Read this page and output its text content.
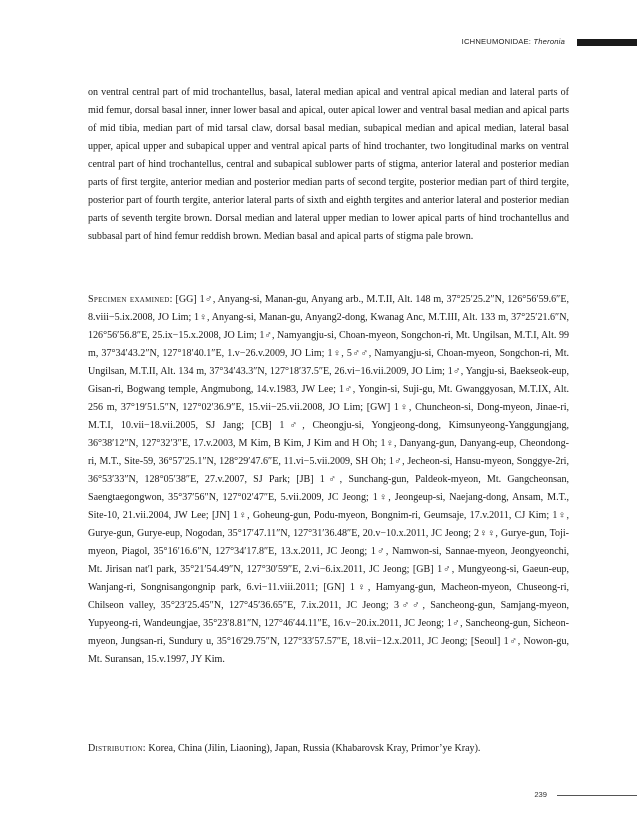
ICHNEUMONIDAE: Theronia
on ventral central part of mid trochantellus, basal, lateral median apical and ventral apical median and lateral parts of mid femur, dorsal basal inner, inner lower basal and apical, outer apical lower and ventral basal median and apical parts of mid tibia, median part of mid tarsal claw, dorsal basal median, subapical median and apical median, lateral basal upper, apical upper and subapical upper and ventral apical parts of hind trochanter, two longitudinal marks on ventral central part of hind trochantellus, central and subapical sublower parts of stigma, anterior lateral and posterior median parts of first tergite, anterior median and posterior median parts of second tergite, posterior median part of third tergite, posterior part of fourth tergite, anterior lateral parts of sixth and eighth tergites and anterior lateral and posterior median parts of seventh tergite brown. Dorsal median and lateral upper median to lower apical parts of hind trochantellus and subbasal part of hind femur reddish brown. Median basal and apical parts of stigma pale brown.
Specimen examined: [GG] 1♂, Anyang-si, Manan-gu, Anyang arb., M.T.II, Alt. 148 m, 37°25′25.2″N, 126°56′59.6″E, 8.viii−5.ix.2008, JO Lim; 1♀, Anyang-si, Manan-gu, Anyang2-dong, Kwanag Anc, M.T.III, Alt. 133 m, 37°25′21.6″N, 126°56′56.8″E, 25.ix−15.x.2008, JO Lim; 1♂, Namyangju-si, Choan-myeon, Songchon-ri, Mt. Ungilsan, M.T.I, Alt. 99 m, 37°34′43.2″N, 127°18′40.1″E, 1.v−26.v.2009, JO Lim; 1♀, 5♂♂, Namyangju-si, Choan-myeon, Songchon-ri, Mt. Ungilsan, M.T.II, Alt. 134 m, 37°34′43.3″N, 127°18′37.5″E, 26.vi−16.vii.2009, JO Lim; 1♂, Yangju-si, Baekseok-eup, Gisan-ri, Bogwang temple, Angmubong, 14.v.1983, JW Lee; 1♂, Yongin-si, Suji-gu, Mt. Gwanggyosan, M.T.IX, Alt. 256 m, 37°19′51.5″N, 127°02′36.9″E, 15.vii−25.vii.2008, JO Lim; [GW] 1♀, Chuncheon-si, Dong-myeon, Jinae-ri, M.T.I, 10.vii−18.vii.2005, SJ Jang; [CB] 1♂, Cheongju-si, Yongjeong-dong, Kimsunyeong-Yanggungjang, 36°38′12″N, 127°32′3″E, 17.v.2003, M Kim, B Kim, J Kim and H Oh; 1♀, Danyang-gun, Danyang-eup, Cheondong-ri, M.T., Site-59, 36°57′25.1″N, 128°29′47.6″E, 11.vi−5.vii.2009, SH Oh; 1♂, Jecheon-si, Hansu-myeon, Songgye-2ri, 36°53′33″N, 128°05′38″E, 27.v.2007, SJ Park; [JB] 1♂, Sunchang-gun, Paldeok-myeon, Mt. Gangcheonsan, Saengtaegongwon, 35°37′56″N, 127°02′47″E, 5.vii.2009, JC Jeong; 1♀, Jeongeup-si, Naejang-dong, Ansam, M.T., Site-10, 21.vii.2004, JW Lee; [JN] 1♀, Goheung-gun, Podu-myeon, Bongnim-ri, Geumsaje, 17.v.2011, CJ Kim; 1♀, Gurye-gun, Gurye-eup, Nogodan, 35°17′47.11″N, 127°31′36.48″E, 20.v−10.x.2011, JC Jeong; 2♀♀, Gurye-gun, Toji-myeon, Piagol, 35°16′16.6″N, 127°34′17.8″E, 13.x.2011, JC Jeong; 1♂, Namwon-si, Sannae-myeon, Jeongyeonchi, Mt. Jirisan nat′l park, 35°21′54.49″N, 127°30′59″E, 2.vi−6.ix.2011, JC Jeong; [GB] 1♂, Mungyeong-si, Gaeun-eup, Wanjang-ri, Songnisangongnip park, 6.vi−11.viii.2011; [GN] 1♀, Hamyang-gun, Macheon-myeon, Chuseong-ri, Chilseon valley, 35°23′25.45″N, 127°45′36.65″E, 7.ix.2011, JC Jeong; 3♂♂, Sancheong-gun, Samjang-myeon, Yupyeong-ri, Wandeungjae, 35°23′8.81″N, 127°46′44.11″E, 16.v−20.ix.2011, JC Jeong; 1♂, Sancheong-gun, Sicheon-myeon, Jungsan-ri, Sundury u, 35°16′29.75″N, 127°33′57.57″E, 18.vii−12.x.2011, JC Jeong; [Seoul] 1♂, Nowon-gu, Mt. Suransan, 15.v.1997, JY Kim.
Distribution: Korea, China (Jilin, Liaoning), Japan, Russia (Khabarovsk Kray, Primor’ye Kray).
239
